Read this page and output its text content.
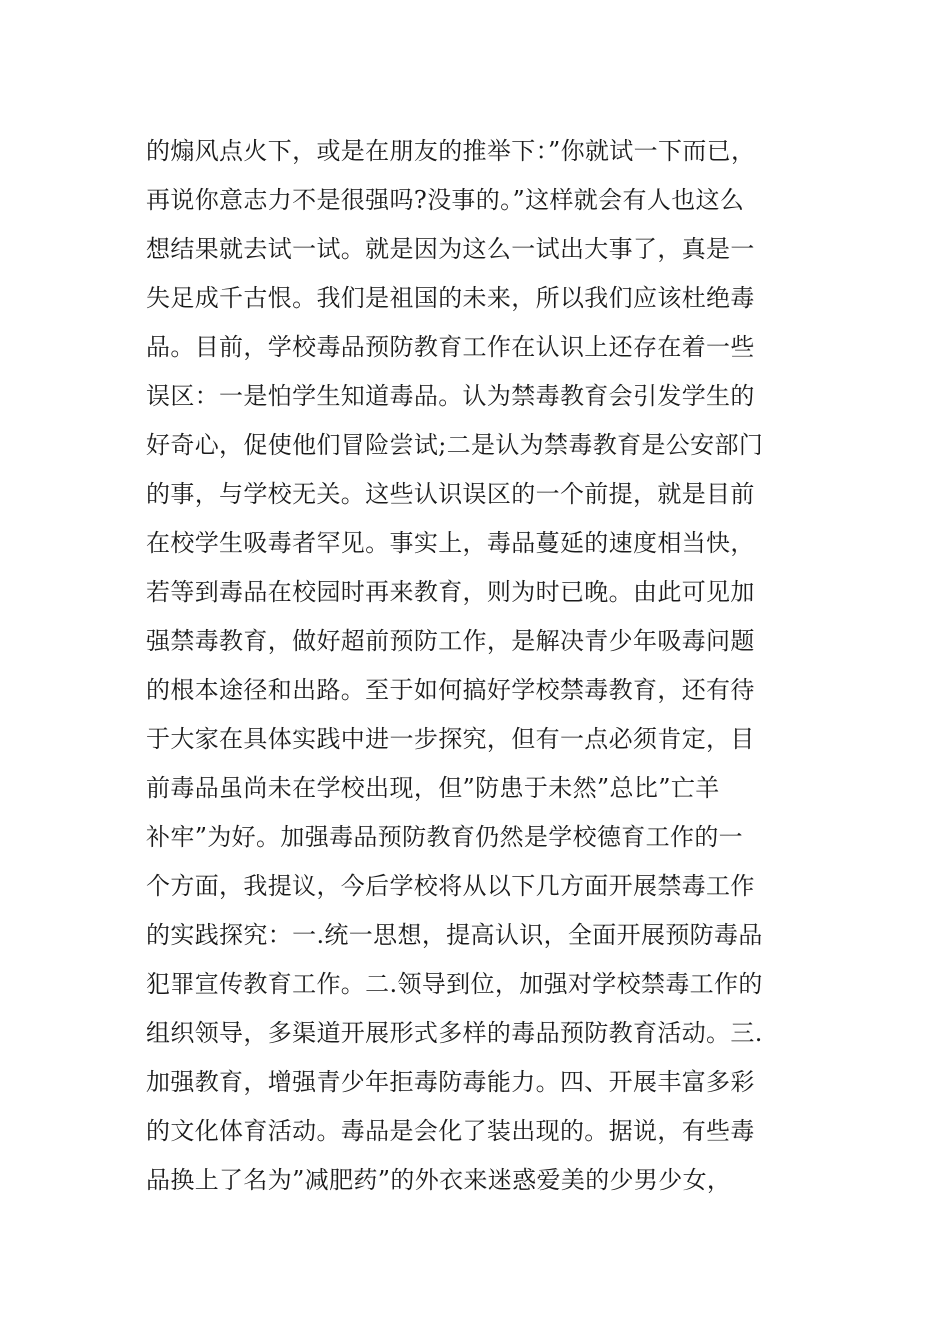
的煽风点火下，或是在朋友的推举下：”你就试一下而已，
再说你意志力不是很强吗?没事的。”这样就会有人也这么
想结果就去试一试。就是因为这么一试出大事了，真是一
失足成千古恨。我们是祖国的未来，所以我们应该杜绝毒
品。目前，学校毒品预防教育工作在认识上还存在着一些
误区：一是怕学生知道毒品。认为禁毒教育会引发学生的
好奇心，促使他们冒险尝试;二是认为禁毒教育是公安部门
的事，与学校无关。这些认识误区的一个前提，就是目前
在校学生吸毒者罕见。事实上，毒品蔓延的速度相当快，
若等到毒品在校园时再来教育，则为时已晚。由此可见加
强禁毒教育，做好超前预防工作，是解决青少年吸毒问题
的根本途径和出路。至于如何搞好学校禁毒教育，还有待
于大家在具体实践中进一步探究，但有一点必须肯定，目
前毒品虽尚未在学校出现，但”防患于未然”总比”亡羊
补牢”为好。加强毒品预防教育仍然是学校德育工作的一
个方面，我提议，今后学校将从以下几方面开展禁毒工作
的实践探究：一.统一思想，提高认识，全面开展预防毒品
犯罪宣传教育工作。二.领导到位，加强对学校禁毒工作的
组织领导，多渠道开展形式多样的毒品预防教育活动。三.
加强教育，增强青少年拒毒防毒能力。四、开展丰富多彩
的文化体育活动。毒品是会化了装出现的。据说，有些毒
品换上了名为”减肥药”的外衣来迷惑爱美的少男少女，
